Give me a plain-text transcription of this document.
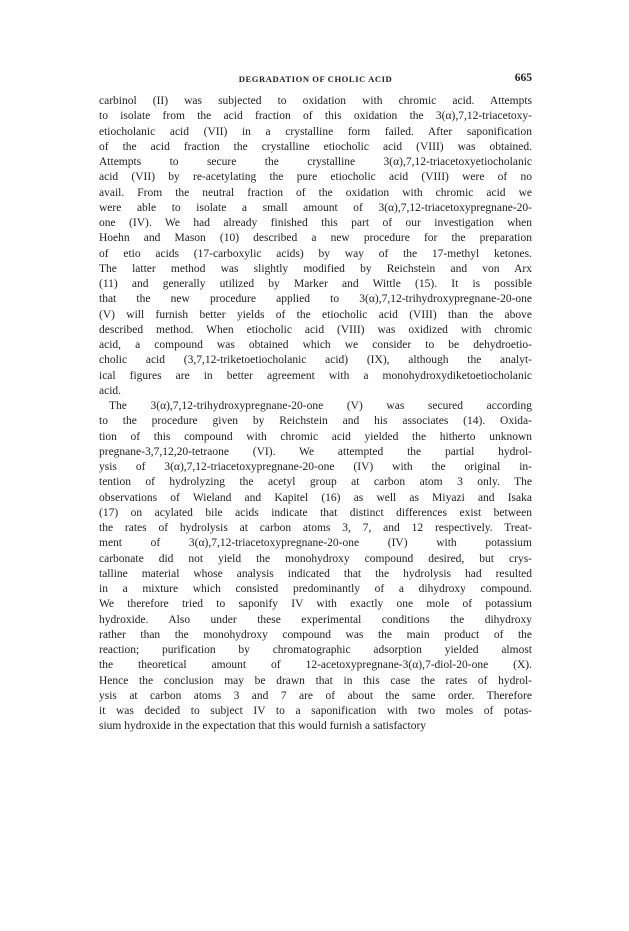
DEGRADATION OF CHOLIC ACID	665
carbinol (II) was subjected to oxidation with chromic acid. Attempts
to isolate from the acid fraction of this oxidation the 3(α),7,12-triacetoxy-
etiocholanic acid (VII) in a crystalline form failed. After saponification
of the acid fraction the crystalline etiocholic acid (VIII) was obtained.
Attempts to secure the crystalline 3(α),7,12-triacetoxyetiocholanic
acid (VII) by re-acetylating the pure etiocholic acid (VIII) were of no
avail. From the neutral fraction of the oxidation with chromic acid we
were able to isolate a small amount of 3(α),7,12-triacetoxypregnane-20-
one (IV). We had already finished this part of our investigation when
Hoehn and Mason (10) described a new procedure for the preparation
of etio acids (17-carboxylic acids) by way of the 17-methyl ketones.
The latter method was slightly modified by Reichstein and von Arx
(11) and generally utilized by Marker and Wittle (15). It is possible
that the new procedure applied to 3(α),7,12-trihydroxypregnane-20-one
(V) will furnish better yields of the etiocholic acid (VIII) than the above
described method. When etiocholic acid (VIII) was oxidized with chromic
acid, a compound was obtained which we consider to be dehydroetio-
cholic acid (3,7,12-triketoetiocholanic acid) (IX), although the analyt-
ical figures are in better agreement with a monohydroxydiketoetiocholanic
acid.
The 3(α),7,12-trihydroxypregnane-20-one (V) was secured according
to the procedure given by Reichstein and his associates (14). Oxida-
tion of this compound with chromic acid yielded the hitherto unknown
pregnane-3,7,12,20-tetraone (VI). We attempted the partial hydrol-
ysis of 3(α),7,12-triacetoxypregnane-20-one (IV) with the original in-
tention of hydrolyzing the acetyl group at carbon atom 3 only. The
observations of Wieland and Kapitel (16) as well as Miyazi and Isaka
(17) on acylated bile acids indicate that distinct differences exist between
the rates of hydrolysis at carbon atoms 3, 7, and 12 respectively. Treat-
ment of 3(α),7,12-triacetoxypregnane-20-one (IV) with potassium
carbonate did not yield the monohydroxy compound desired, but crys-
talline material whose analysis indicated that the hydrolysis had resulted
in a mixture which consisted predominantly of a dihydroxy compound.
We therefore tried to saponify IV with exactly one mole of potassium
hydroxide. Also under these experimental conditions the dihydroxy
rather than the monohydroxy compound was the main product of the
reaction; purification by chromatographic adsorption yielded almost
the theoretical amount of 12-acetoxypregnane-3(α),7-diol-20-one (X).
Hence the conclusion may be drawn that in this case the rates of hydrol-
ysis at carbon atoms 3 and 7 are of about the same order. Therefore
it was decided to subject IV to a saponification with two moles of potas-
sium hydroxide in the expectation that this would furnish a satisfactory
